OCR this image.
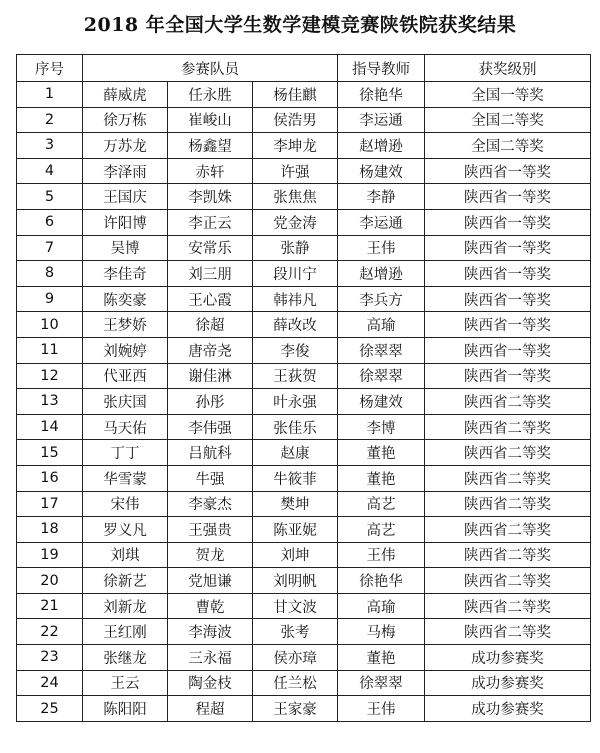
2018 年全国大学生数学建模竞赛陕铁院获奖结果
序号	参赛队员			指导教师	获奖级别
1	薛威虎	任永胜	杨佳麒	徐艳华	全国一等奖
2	徐万栋	崔峻山	侯浩男	李运通	全国二等奖
3	万苏龙	杨鑫望	李坤龙	赵增逊	全国二等奖
4	李泽雨	赤轩	许强	杨建效	陕西省一等奖
5	王国庆	李凯姝	张焦焦	李静	陕西省一等奖
6	许阳博	李正云	党金涛	李运通	陕西省一等奖
7	吴博	安常乐	张静	王伟	陕西省一等奖
8	李佳奇	刘三朋	段川宁	赵增逊	陕西省一等奖
9	陈奕豪	王心霞	韩祎凡	李兵方	陕西省一等奖
10	王梦娇	徐超	薛改改	高瑜	陕西省一等奖
11	刘婉婷	唐帝尧	李俊	徐翠翠	陕西省一等奖
12	代亚西	谢佳淋	王荻贺	徐翠翠	陕西省一等奖
13	张庆国	孙彤	叶永强	杨建效	陕西省二等奖
14	马天佑	李伟强	张佳乐	李博	陕西省二等奖
15	丁丁	吕航科	赵康	董艳	陕西省二等奖
16	华雪蒙	牛强	牛筱菲	董艳	陕西省二等奖
17	宋伟	李豪杰	樊坤	高艺	陕西省二等奖
18	罗义凡	王强贵	陈亚妮	高艺	陕西省二等奖
19	刘琪	贺龙	刘坤	王伟	陕西省二等奖
20	徐新艺	党旭谦	刘明帆	徐艳华	陕西省二等奖
21	刘新龙	曹乾	甘文波	高瑜	陕西省二等奖
22	王红刚	李海波	张考	马梅	陕西省二等奖
23	张继龙	三永福	侯亦璋	董艳	成功参赛奖
24	王云	陶金枝	任兰松	徐翠翠	成功参赛奖
25	陈阳阳	程超	王家豪	王伟	成功参赛奖
